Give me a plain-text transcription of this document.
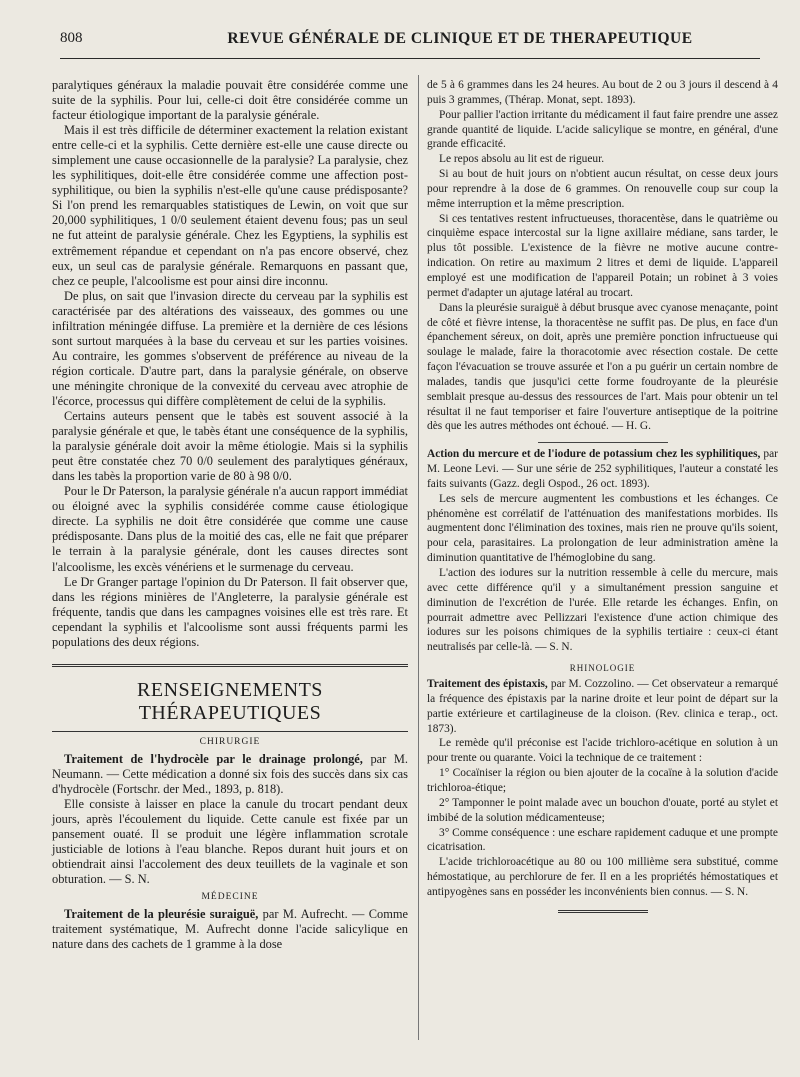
808	REVUE GÉNÉRALE DE CLINIQUE ET DE THERAPEUTIQUE

paralytiques généraux la maladie pouvait être considérée comme une suite de la syphilis. Pour lui, celle-ci doit être considérée comme un facteur étiologique important de la paralysie générale.

Mais il est très difficile de déterminer exactement la relation existant entre celle-ci et la syphilis. Cette dernière est-elle une cause directe ou simplement une cause occasionnelle de la paralysie? La paralysie, chez les syphilitiques, doit-elle être considérée comme une affection post-syphilitique, ou bien la syphilis n'est-elle qu'une cause prédisposante? Si l'on prend les remarquables statistiques de Lewin, on voit que sur 20,000 syphilitiques, 1 0/0 seulement étaient devenu fous; pas un seul ne fut atteint de paralysie générale. Chez les Egyptiens, la syphilis est extrêmement répandue et cependant on n'a pas encore observé, chez eux, un seul cas de paralysie générale. Remarquons en passant que, chez ce peuple, l'alcoolisme est pour ainsi dire inconnu.

De plus, on sait que l'invasion directe du cerveau par la syphilis est caractérisée par des altérations des vaisseaux, des gommes ou une infiltration méningée diffuse. La première et la dernière de ces lésions sont surtout marquées à la base du cerveau et sur les parties voisines. Au contraire, les gommes s'observent de préférence au niveau de la région corticale. D'autre part, dans la paralysie générale, on observe une méningite chronique de la convexité du cerveau avec atrophie de l'écorce, processus qui diffère complètement de celui de la syphilis.

Certains auteurs pensent que le tabès est souvent associé à la paralysie générale et que, le tabès étant une conséquence de la syphilis, la paralysie générale doit avoir la même étiologie. Mais si la syphilis peut être constatée chez 70 0/0 seulement des paralytiques généraux, dans les tabès la proportion varie de 80 à 98 0/0.

Pour le Dr Paterson, la paralysie générale n'a aucun rapport immédiat ou éloigné avec la syphilis considérée comme cause étiologique directe. La syphilis ne doit être considérée que comme une cause prédisposante. Dans plus de la moitié des cas, elle ne fait que préparer le terrain à la paralysie générale, dont les causes directes sont l'alcoolisme, les excès vénériens et le surmenage du cerveau.

Le Dr Granger partage l'opinion du Dr Paterson. Il fait observer que, dans les régions minières de l'Angleterre, la paralysie générale est fréquente, tandis que dans les campagnes voisines elle est très rare. Et cependant la syphilis et l'alcoolisme sont aussi fréquents parmi les populations des deux régions.

RENSEIGNEMENTS THÉRAPEUTIQUES
CHIRURGIE

Traitement de l'hydrocèle par le drainage prolongé, par M. Neumann. — Cette médication a donné six fois des succès dans six cas d'hydrocèle (Fortschr. der Med., 1893, p. 818).

Elle consiste à laisser en place la canule du trocart pendant deux jours, après l'écoulement du liquide. Cette canule est fixée par un pansement ouaté. Il se produit une légère inflammation scrotale justiciable de lotions à l'eau blanche. Repos durant huit jours et on obtiendrait ainsi l'accolement des deux teuillets de la vaginale et son obturation. — S. N.

MÉDECINE

Traitement de la pleurésie suraiguë, par M. Aufrecht. — Comme traitement systématique, M. Aufrecht donne l'acide salicylique en nature dans des cachets de 1 gramme à la dose

de 5 à 6 grammes dans les 24 heures. Au bout de 2 ou 3 jours il descend à 4 puis 3 grammes, (Thérap. Monat, sept. 1893).

Pour pallier l'action irritante du médicament il faut faire prendre une assez grande quantité de liquide. L'acide salicylique se montre, en général, d'une grande efficacité.

Le repos absolu au lit est de rigueur.

Si au bout de huit jours on n'obtient aucun résultat, on cesse deux jours pour reprendre à la dose de 6 grammes. On renouvelle coup sur coup la même interruption et la même prescription.

Si ces tentatives restent infructueuses, thoracentèse, dans le quatrième ou cinquième espace intercostal sur la ligne axillaire médiane, sans tarder, le plus tôt possible. L'existence de la fièvre ne motive aucune contre-indication. On retire au maximum 2 litres et demi de liquide. L'appareil employé est une modification de l'appareil Potain; un robinet à 3 voies permet d'adapter un ajutage latéral au trocart.

Dans la pleurésie suraiguë à début brusque avec cyanose menaçante, point de côté et fièvre intense, la thoracentèse ne suffit pas. De plus, en face d'un épanchement séreux, on doit, après une première ponction infructueuse qui soulage le malade, faire la thoracotomie avec résection costale. De cette façon l'évacuation se trouve assurée et l'on a pu guérir un certain nombre de malades, tandis que jusqu'ici cette forme foudroyante de la pleurésie semblait presque au-dessus des ressources de l'art. Mais pour obtenir un tel résultat il ne faut temporiser et faire l'ouverture antiseptique de la poitrine dès que les autres méthodes ont échoué. — H. G.

Action du mercure et de l'iodure de potassium chez les syphilitiques, par M. Leone Levi. — Sur une série de 252 syphilitiques, l'auteur a constaté les faits suivants (Gazz. degli Ospod., 26 oct. 1893).

Les sels de mercure augmentent les combustions et les échanges. Ce phénomène est corrélatif de l'atténuation des manifestations morbides. Ils augmentent donc l'élimination des toxines, mais rien ne prouve qu'ils soient, pour cela, parasitaires. La prolongation de leur administration amène la diminution quantitative de l'hémoglobine du sang.

L'action des iodures sur la nutrition ressemble à celle du mercure, mais avec cette différence qu'il y a simultanément pression sanguine et diminution de l'excrétion de l'urée. Elle retarde les échanges. Enfin, on pourrait admettre avec Pellizzari l'existence d'une action chimique des iodures sur les poisons chimiques de la syphilis tertiaire : ceux-ci étant neutralisés par celle-là. — S. N.

RHINOLOGIE

Traitement des épistaxis, par M. Cozzolino. — Cet observateur a remarqué la fréquence des épistaxis par la narine droite et leur point de départ sur la partie extérieure et cartilagineuse de la cloison. (Rev. clinica e terap., oct. 1873).

Le remède qu'il préconise est l'acide trichloro-acétique en solution à un pour trente ou quarante. Voici la technique de ce traitement :

1° Cocaïniser la région ou bien ajouter de la cocaïne à la solution d'acide trichloroa-étique;

2° Tamponner le point malade avec un bouchon d'ouate, porté au stylet et imbibé de la solution médicamenteuse;

3° Comme conséquence : une eschare rapidement caduque et une prompte cicatrisation.

L'acide trichloroacétique au 80 ou 100 millième sera substitué, comme hémostatique, au perchlorure de fer. Il en a les propriétés hémostatiques et antipyogènes sans en posséder les inconvénients bien connus. — S. N.
